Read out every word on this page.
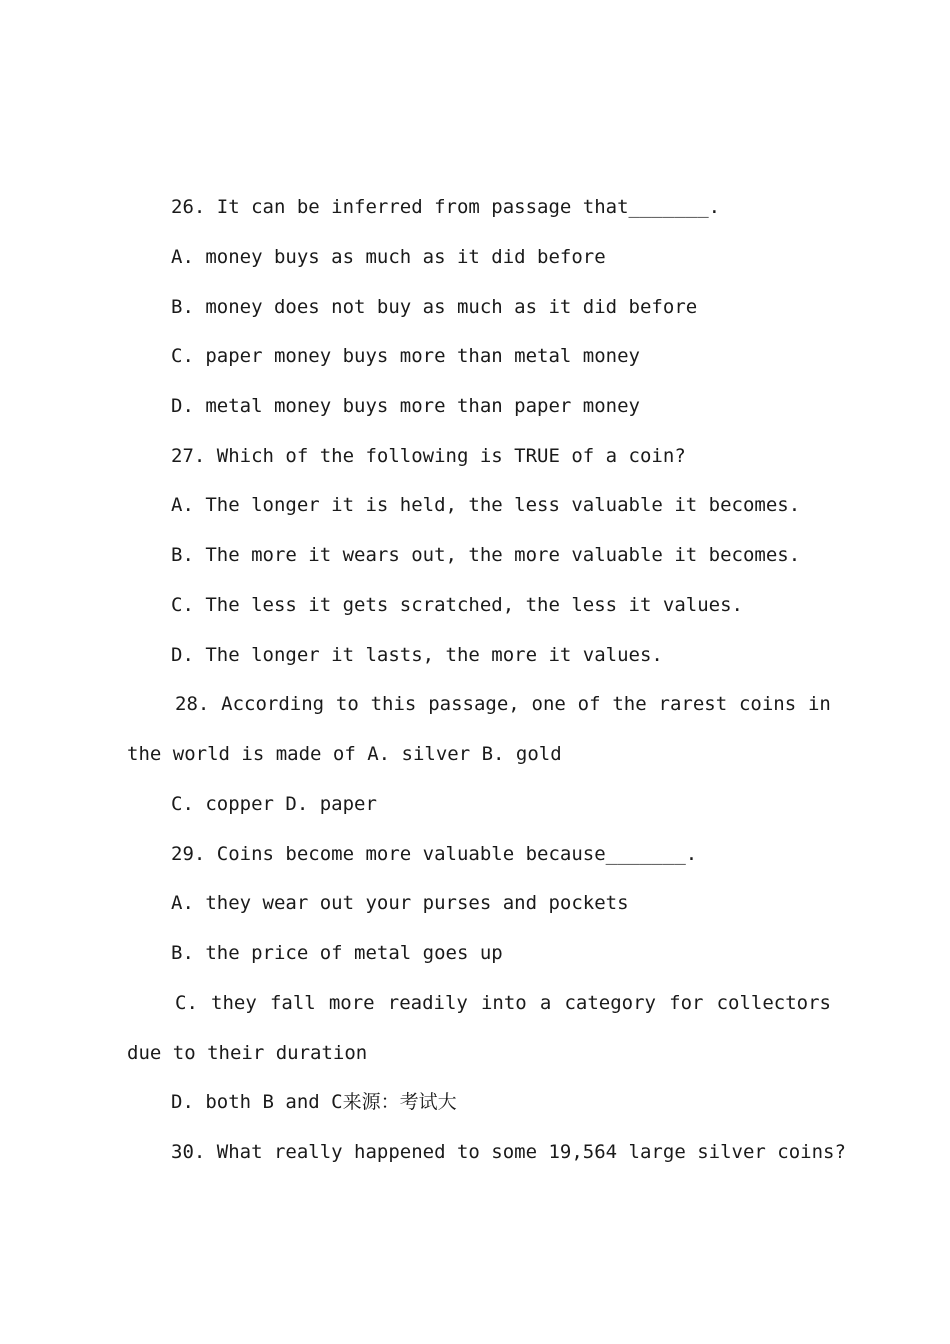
26. It can be inferred from passage that_______.
A. money buys as much as it did before
B. money does not buy as much as it did before
C. paper money buys more than metal money
D. metal money buys more than paper money
27. Which of the following is TRUE of a coin?
A. The longer it is held, the less valuable it becomes.
B. The more it wears out, the more valuable it becomes.
C. The less it gets scratched, the less it values.
D. The longer it lasts, the more it values.
28. According to this passage, one of the rarest coins in
the world is made of A. silver B. gold
C. copper D. paper
29. Coins become more valuable because_______.
A. they wear out your purses and pockets
B. the price of metal goes up
C. they fall more readily into a category for collectors
due to their duration
D. both B and C来源：考试大
30. What really happened to some 19,564 large silver coins?
